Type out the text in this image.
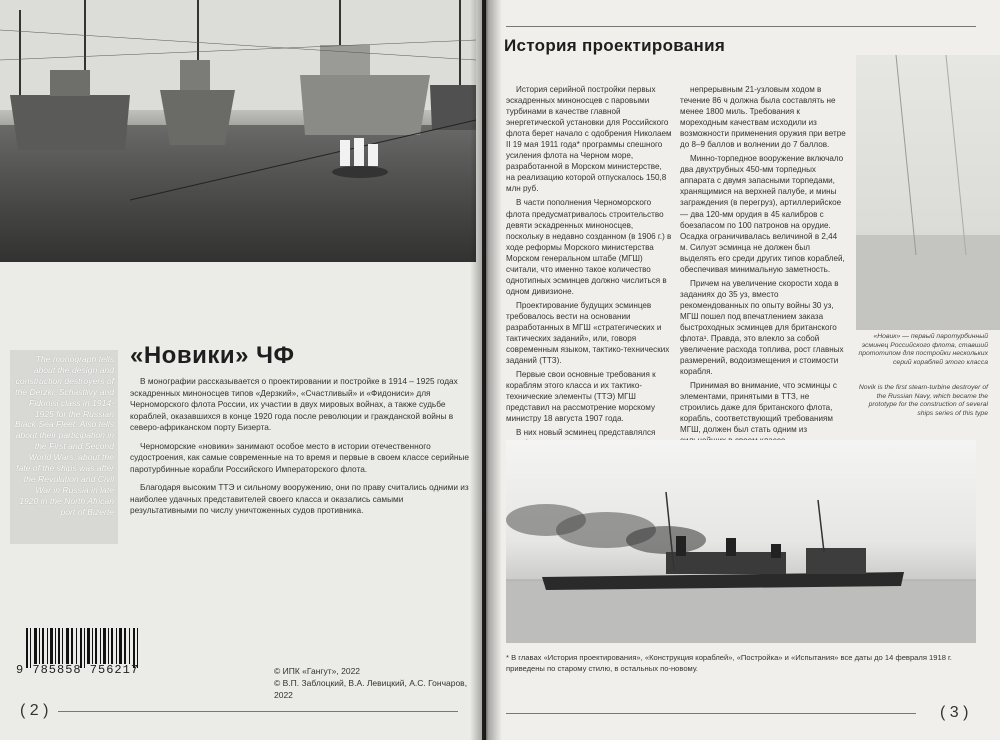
The monograph tells about the design and construction destroyers of the Derzki, Schastlivy and Fidonisi class in 1914-1925 for the Russian Black Sea Fleet. Also tells about their participation in the First and Second World Wars, about the fate of the ships was after the Revolution and Civil War in Russia in late 1920 in the North African port of Bizerte
«Новики» ЧФ

В монографии рассказывается о проектировании и постройке в 1914 – 1925 годах эскадренных миноносцев типов «Дерзкий», «Счастливый» и «Фидониси» для Черноморского флота России, их участии в двух мировых войнах, а также судьбе кораблей, оказавшихся в конце 1920 года после революции и гражданской войны в северо-африканском порту Бизерта.

Черноморские «новики» занимают особое место в истории отечественного судостроения, как самые современные на то время и первые в своем классе серийные паротурбинные корабли Российского Императорского флота.

Благодаря высоким ТТЭ и сильному вооружению, они по праву считались одними из наиболее удачных представителей своего класса и оказались самыми результативными по числу уничтоженных судов противника.

9 785858 756217	© ИПК «Гангут», 2022
© В.П. Заблоцкий, В.А. Левицкий, А.С. Гончаров, 2022
( 2 )
История проектирования

История серийной постройки первых эскадренных миноносцев с паровыми турбинами в качестве главной энергетической установки для Российского флота берет начало с одобрения Николаем II 19 мая 1911 года* программы спешного усиления флота на Черном море, разработанной в Морском министерстве, на реализацию которой отпускалось 150,8 млн руб.

В части пополнения Черноморского флота предусматривалось строительство девяти эскадренных миноносцев, поскольку в недавно созданном (в 1906 г.) в ходе реформы Морского министерства Морском генеральном штабе (МГШ) считали, что именно такое количество однотипных эсминцев должно числиться в одном дивизионе.

Проектирование будущих эсминцев требовалось вести на основании разработанных в МГШ «стратегических и тактических заданий», или, говоря современным языком, тактико-технических заданий (ТТЗ).

Первые свои основные требования к кораблям этого класса и их тактико-технические элементы (ТТЭ) МГШ представил на рассмотрение морскому министру 18 августа 1907 года.

В них новый эсминец представлялся

непрерывным 21-узловым ходом в течение 86 ч должна была составлять не менее 1800 миль. Требования к мореходным качествам исходили из возможности применения оружия при ветре до 8–9 баллов и волнении до 7 баллов.

Минно-торпедное вооружение включало два двухтрубных 450-мм торпедных аппарата с двумя запасными торпедами, хранящимися на верхней палубе, и мины заграждения (в перегруз), артиллерийское — два 120-мм орудия в 45 калибров с боезапасом по 100 патронов на орудие. Осадка ограничивалась величиной в 2,44 м. Силуэт эсминца не должен был выделять его среди других типов кораблей, обеспечивая минимальную заметность.

Причем на увеличение скорости хода в заданиях до 35 уз, вместо рекомендованных по опыту войны 30 уз, МГШ пошел под впечатлением заказа быстроходных эсминцев для британского флота¹. Правда, это влекло за собой увеличение расхода топлива, рост главных размерений, водоизмещения и стоимости корабля.

Принимая во внимание, что эсминцы с элементами, принятыми в ТТЗ, не строились даже для британского флота, корабль, соответствующий требованиям МГШ, должен был стать одним из

«Новик» — первый паротурбинный эсминец Российского флота, ставший прототипом для постройки нескольких серий кораблей этого класса
Novik is the first steam-turbine destroyer of the Russian Navy, which became the prototype for the construction of several ships series of this type
* В главах «История проектирования», «Конструкция кораблей», «Постройка» и «Испытания» все даты до 14 февраля 1918 г. приведены по старому стилю, в остальных по-новому.
( 3 )
